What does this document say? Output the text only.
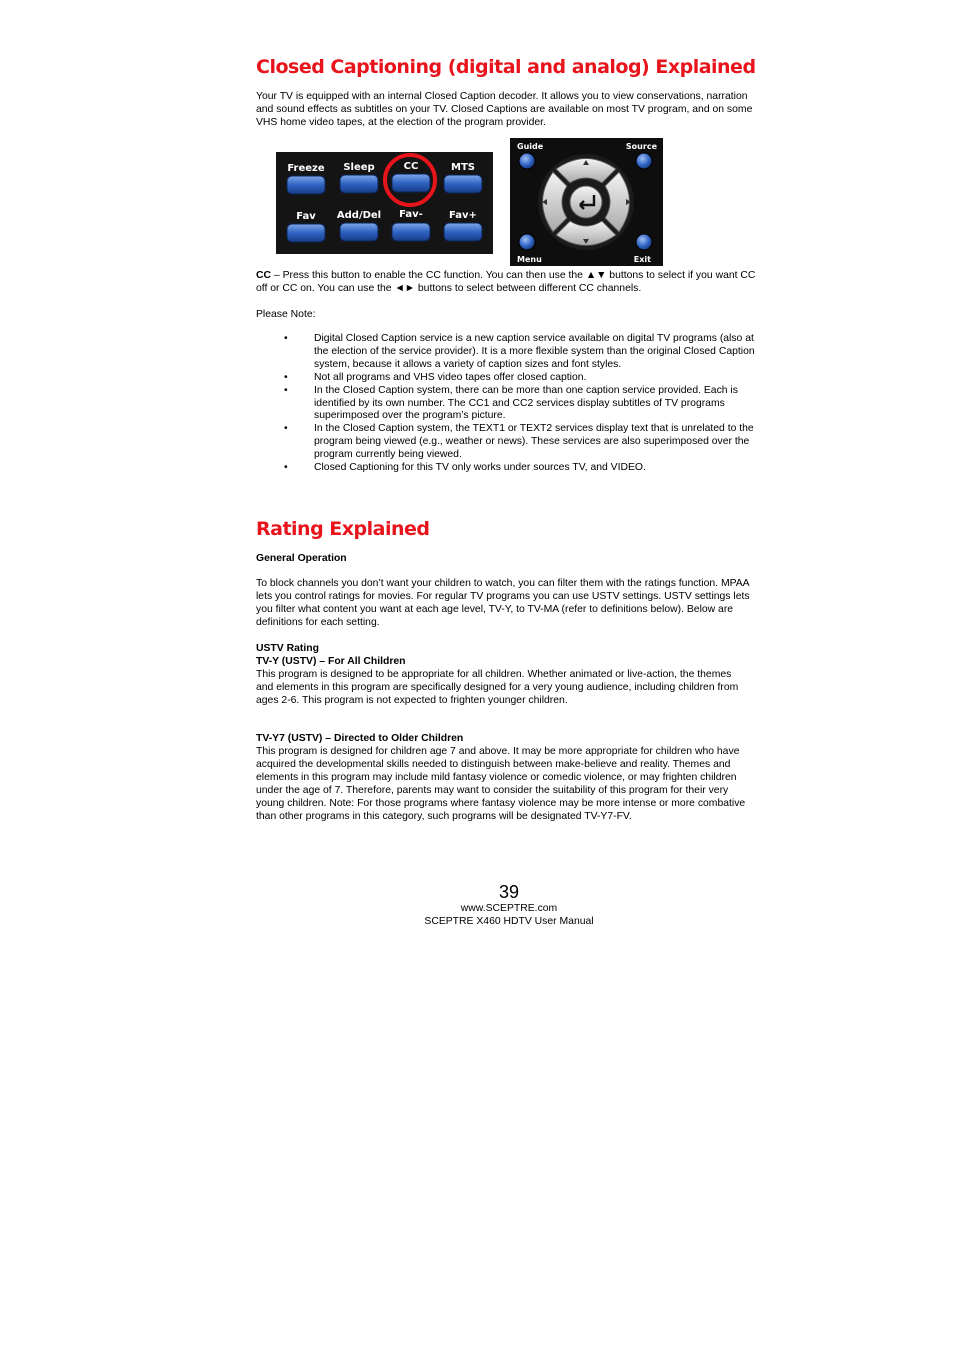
Closed Captioning (digital and analog) Explained

Your TV is equipped with an internal Closed Caption decoder. It allows you to view conservations, narration and sound effects as subtitles on your TV. Closed Captions are available on most TV program, and on some VHS home video tapes, at the election of the program provider.

Freeze Sleep	CC	MTS
Fav Add/Del Fav-	Fav+
Guide	Source
Menu	Exit

CC – Press this button to enable the CC function. You can then use the ▲▼ buttons to select if you want CC off or CC on. You can use the ◄► buttons to select between different CC channels.

Please Note:

• Digital Closed Caption service is a new caption service available on digital TV programs (also at the election of the service provider). It is a more flexible system than the original Closed Caption system, because it allows a variety of caption sizes and font styles.
• Not all programs and VHS video tapes offer closed caption.
• In the Closed Caption system, there can be more than one caption service provided. Each is identified by its own number. The CC1 and CC2 services display subtitles of TV programs superimposed over the program’s picture.
• In the Closed Caption system, the TEXT1 or TEXT2 services display text that is unrelated to the program being viewed (e.g., weather or news). These services are also superimposed over the program currently being viewed.
• Closed Captioning for this TV only works under sources TV, and VIDEO.
Rating Explained

General Operation

To block channels you don’t want your children to watch, you can filter them with the ratings function. MPAA lets you control ratings for movies. For regular TV programs you can use USTV settings. USTV settings lets you filter what content you want at each age level, TV-Y, to TV-MA (refer to definitions below). Below are definitions for each setting.

USTV Rating

TV-Y (USTV) – For All Children

This program is designed to be appropriate for all children. Whether animated or live-action, the themes and elements in this program are specifically designed for a very young audience, including children from ages 2-6. This program is not expected to frighten younger children.

TV-Y7 (USTV) – Directed to Older Children

This program is designed for children age 7 and above. It may be more appropriate for children who have acquired the developmental skills needed to distinguish between make-believe and reality. Themes and elements in this program may include mild fantasy violence or comedic violence, or may frighten children under the age of 7. Therefore, parents may want to consider the suitability of this program for their very young children. Note: For those programs where fantasy violence may be more intense or more combative than other programs in this category, such programs will be designated TV-Y7-FV.

39
www.SCEPTRE.com
SCEPTRE X460 HDTV User Manual
